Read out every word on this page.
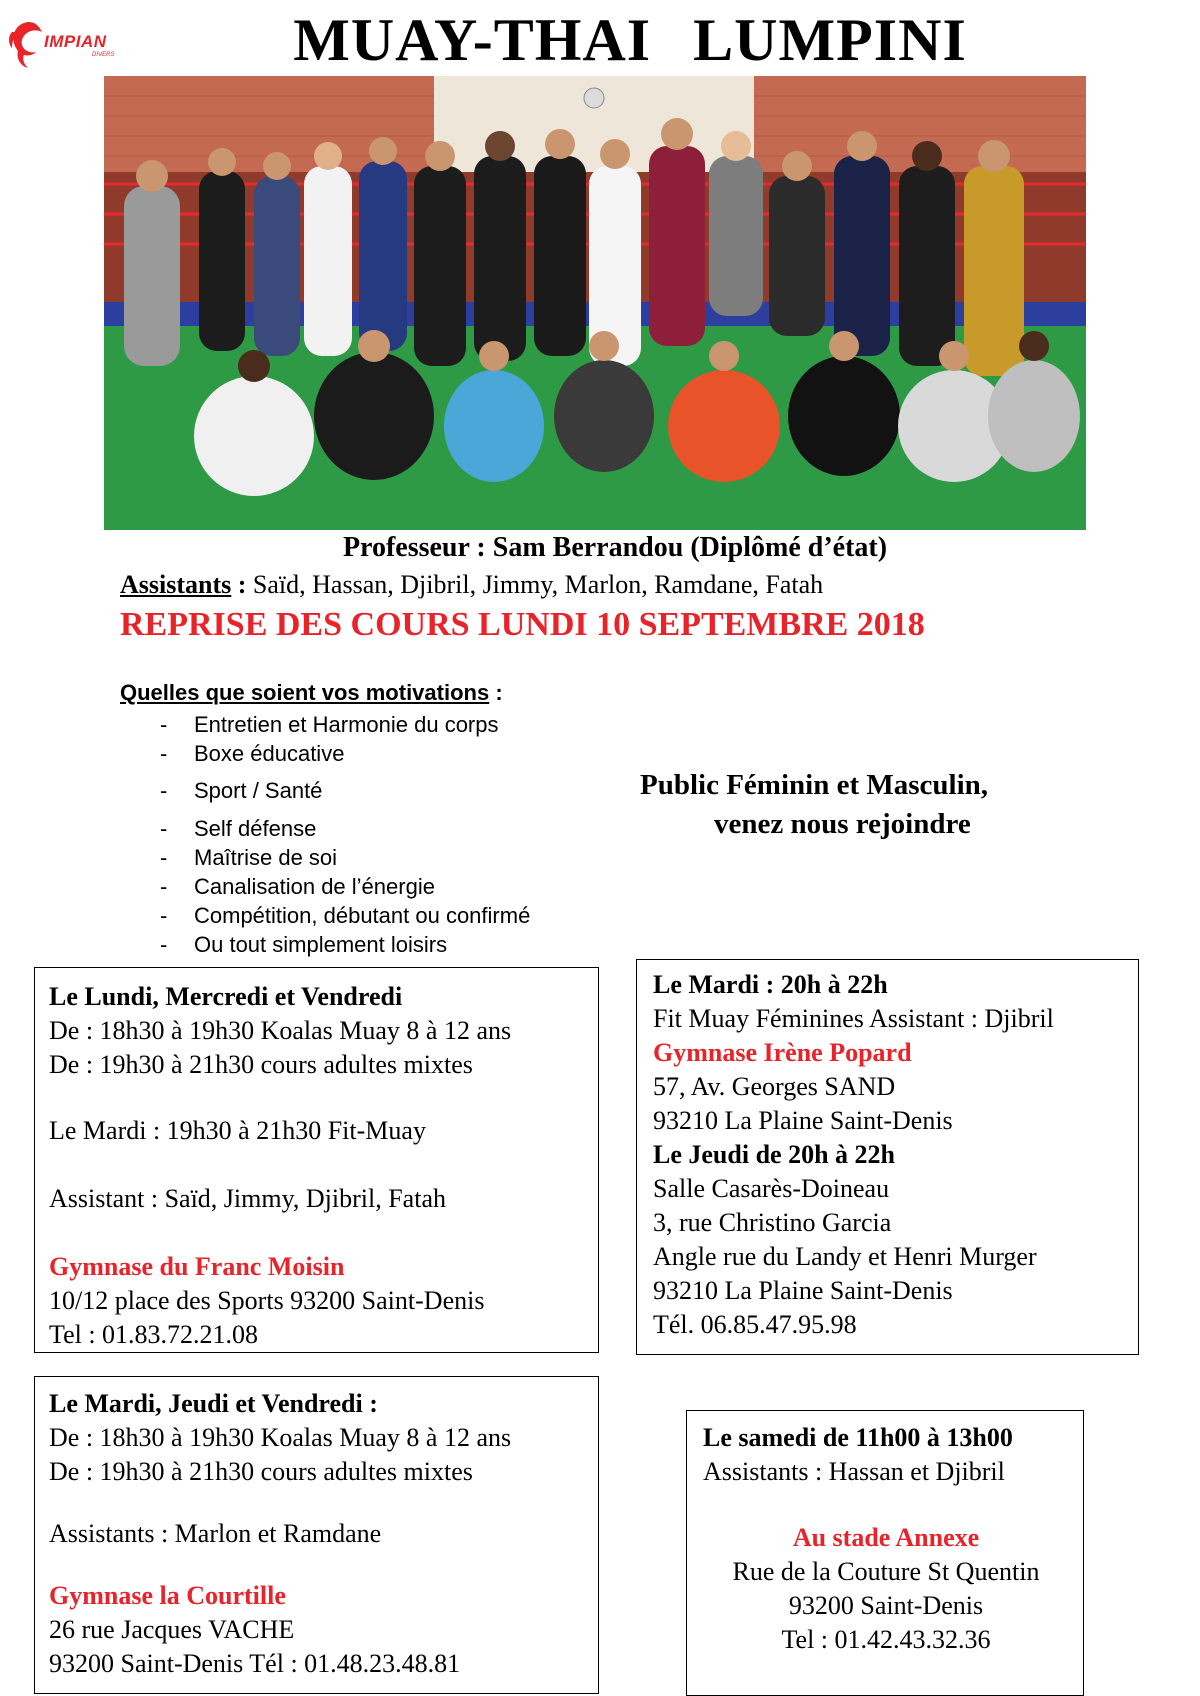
IMPIAN
DIVERS	MUAY-THAI LUMPINI
Professeur : Sam Berrandou (Diplômé d’état)
Assistants : Saïd, Hassan, Djibril, Jimmy, Marlon, Ramdane, Fatah
REPRISE DES COURS LUNDI 10 SEPTEMBRE 2018
Quelles que soient vos motivations :
- Entretien et Harmonie du corps
- Boxe éducative
- Sport / Santé
- Self défense
- Maîtrise de soi
- Canalisation de l’énergie
- Compétition, débutant ou confirmé
- Ou tout simplement loisirs
Public Féminin et Masculin,
venez nous rejoindre
Le Lundi, Mercredi et Vendredi
De : 18h30 à 19h30 Koalas Muay 8 à 12 ans
De : 19h30 à 21h30 cours adultes mixtes
Le Mardi : 19h30 à 21h30 Fit-Muay
Assistant : Saïd, Jimmy, Djibril, Fatah
Gymnase du Franc Moisin
10/12 place des Sports 93200 Saint-Denis
Tel : 01.83.72.21.08
Le Mardi : 20h à 22h
Fit Muay Féminines Assistant : Djibril
Gymnase Irène Popard
57, Av. Georges SAND
93210 La Plaine Saint-Denis
Le Jeudi de 20h à 22h
Salle Casarès-Doineau
3, rue Christino Garcia
Angle rue du Landy et Henri Murger
93210 La Plaine Saint-Denis
Tél. 06.85.47.95.98
Le Mardi, Jeudi et Vendredi :
De : 18h30 à 19h30 Koalas Muay 8 à 12 ans
De : 19h30 à 21h30 cours adultes mixtes
Assistants : Marlon et Ramdane
Gymnase la Courtille
26 rue Jacques VACHE
93200 Saint-Denis Tél : 01.48.23.48.81
Le samedi de 11h00 à 13h00
Assistants : Hassan et Djibril
Au stade Annexe
Rue de la Couture St Quentin
93200 Saint-Denis
Tel : 01.42.43.32.36
